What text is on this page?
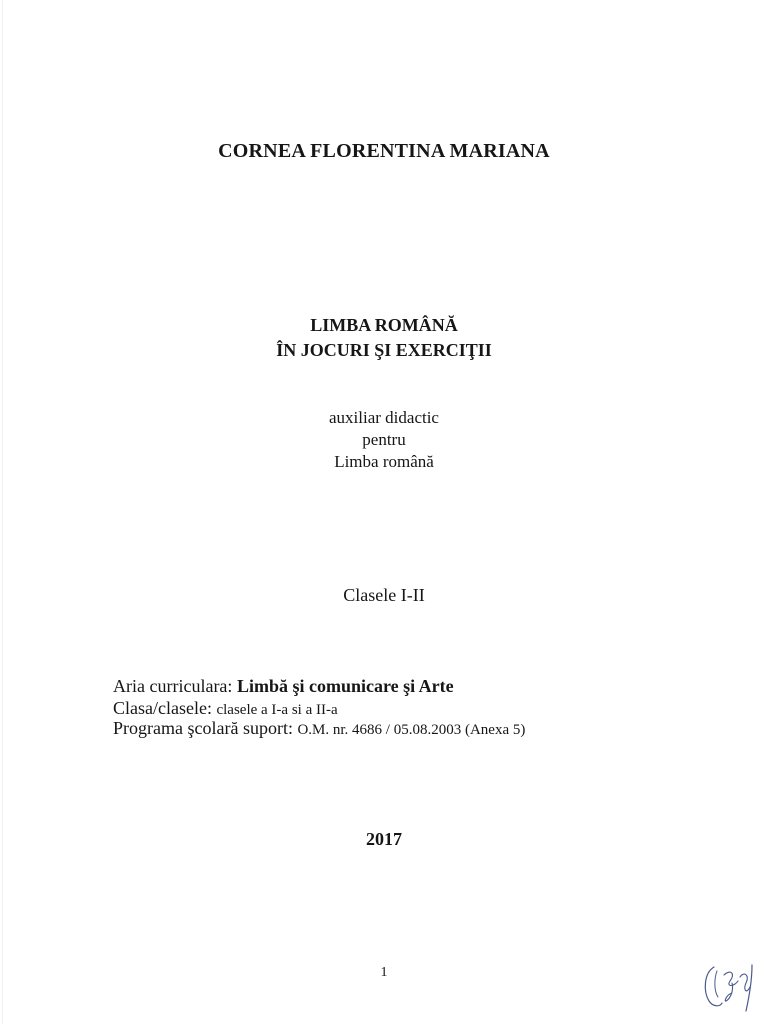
CORNEA FLORENTINA MARIANA
LIMBA ROMÂNĂ
ÎN JOCURI ŞI EXERCIŢII
auxiliar didactic
pentru
Limba română
Clasele I-II
Aria curriculara: Limbă şi comunicare şi Arte
Clasa/clasele: clasele a I-a si a II-a
Programa şcolară suport: O.M. nr. 4686 / 05.08.2003 (Anexa 5)
2017
1
